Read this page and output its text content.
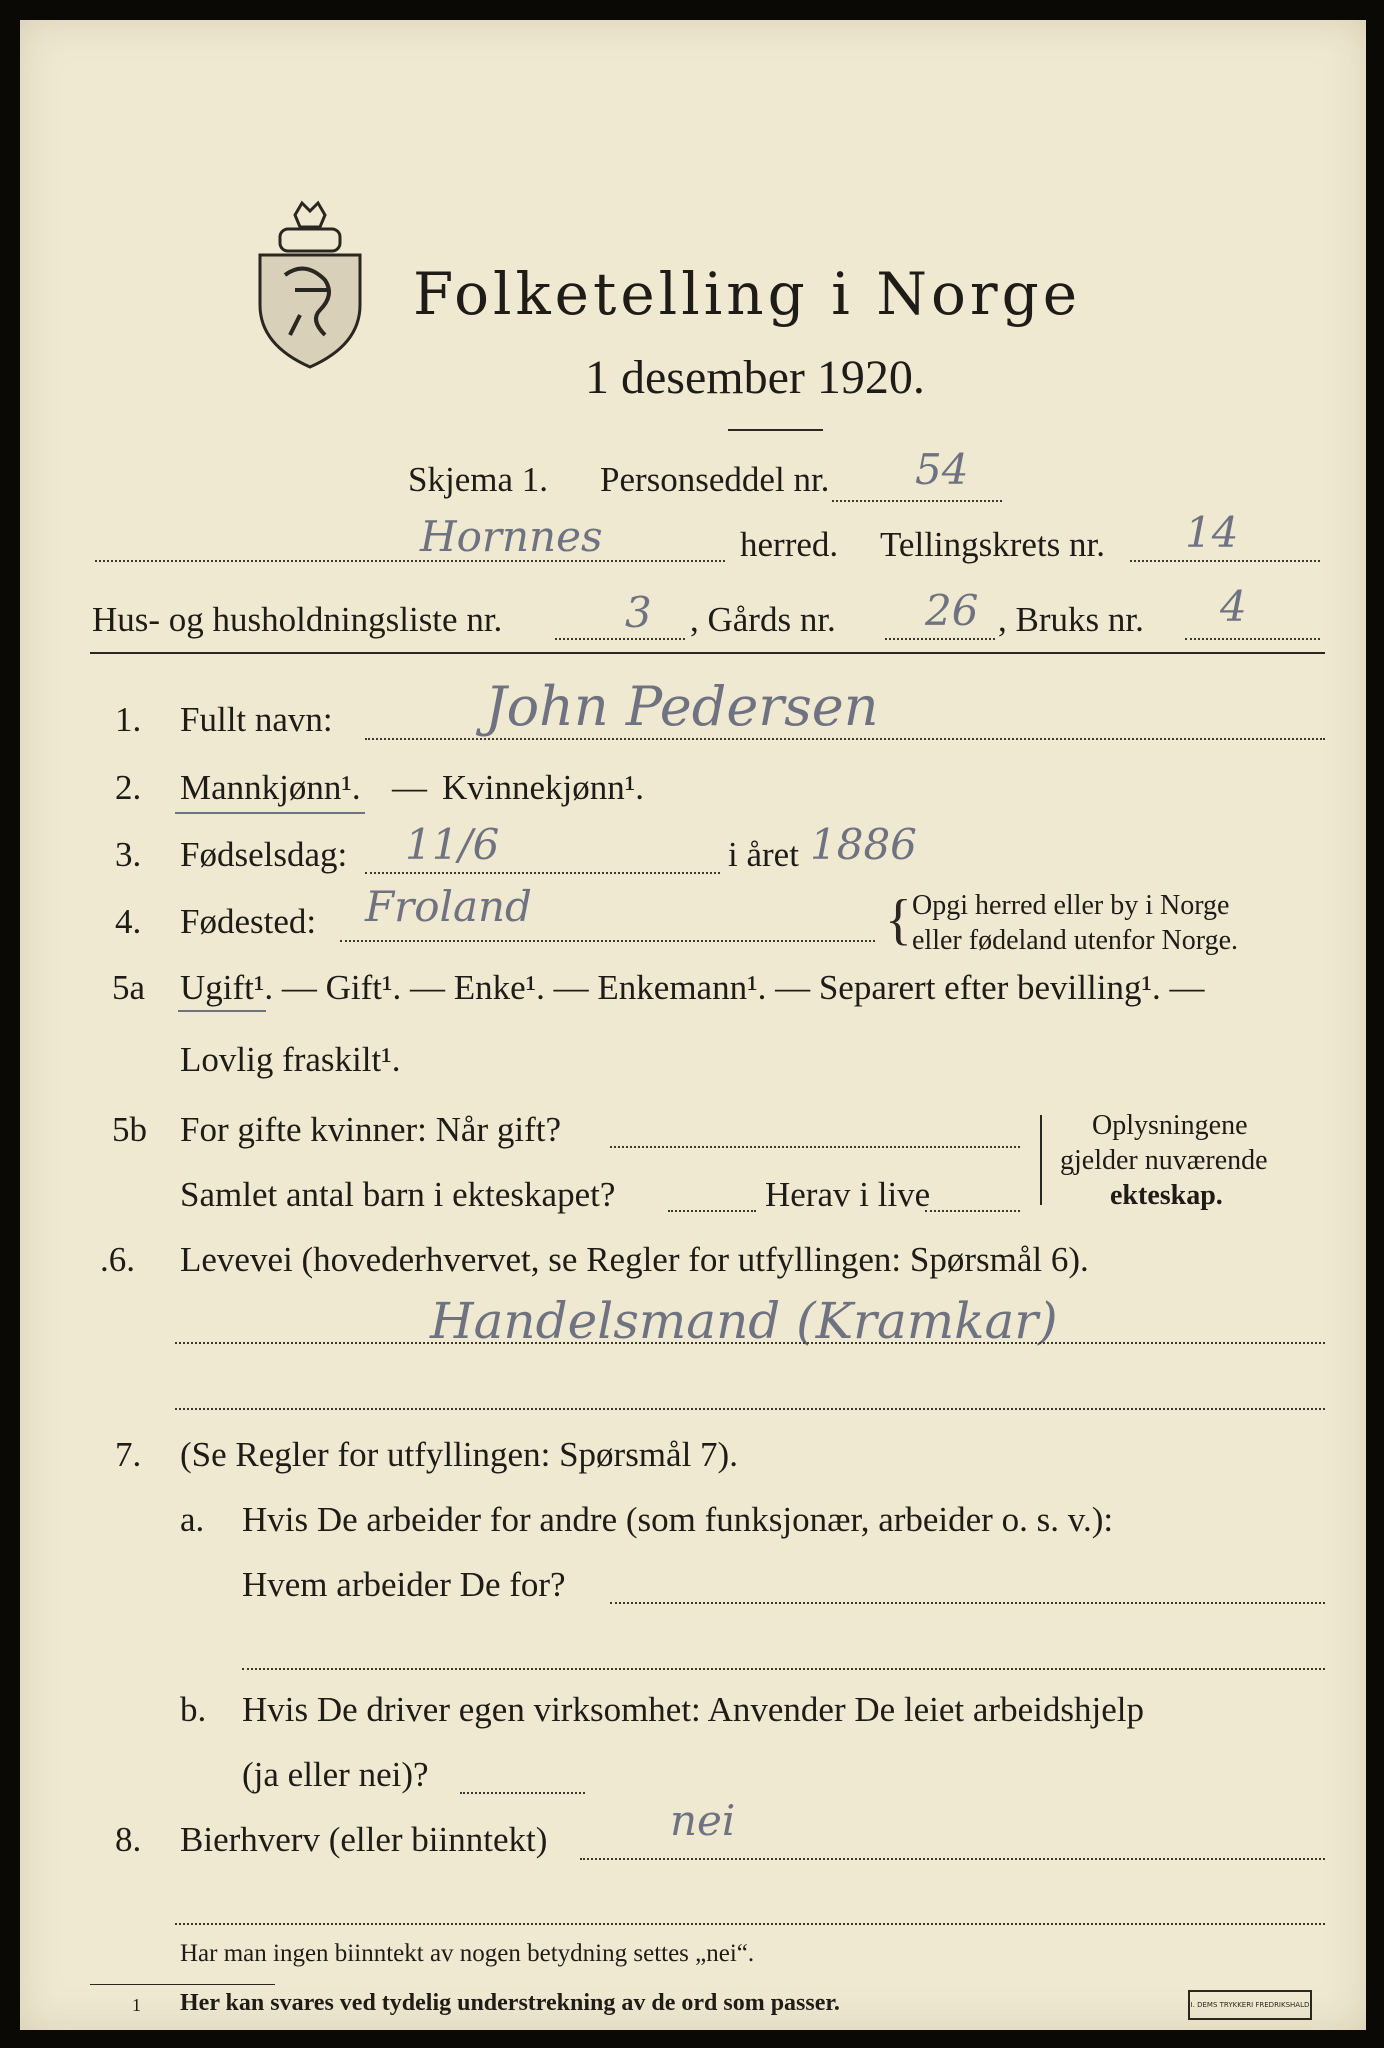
Folketelling i Norge
1 desember 1920.
Skjema 1. Personseddel nr. 54
Hornnes	herred. Tellingskrets nr. 14
Hus- og husholdningsliste nr.	3 , Gårds nr. 26 , Bruks nr. 4
1. Fullt navn:	John Pedersen
2. Mannkjønn¹. — Kvinnekjønn¹.
3. Fødselsdag: 11/6	i året 1886
4. Fødested: Froland	{ Opgi herred eller by i Norge
eller fødeland utenfor Norge.
5a Ugift¹. — Gift¹. — Enke¹. — Enkemann¹. — Separert efter bevilling¹. —
Lovlig fraskilt¹.
5b For gifte kvinner: Når gift?
Samlet antal barn i ekteskapet?	Herav i live
Oplysningene
gjelder nuværende
ekteskap.
.6. Levevei (hovederhvervet, se Regler for utfyllingen: Spørsmål 6).
Handelsmand (Kramkar)
7. (Se Regler for utfyllingen: Spørsmål 7).
a. Hvis De arbeider for andre (som funksjonær, arbeider o. s. v.):
Hvem arbeider De for?
b. Hvis De driver egen virksomhet: Anvender De leiet arbeidshjelp
(ja eller nei)?
8. Bierhverv (eller biinntekt)	nei
Har man ingen biinntekt av nogen betydning settes „nei“.
1 Her kan svares ved tydelig understrekning av de ord som passer.	I. DEMS TRYKKERI FREDRIKSHALD
